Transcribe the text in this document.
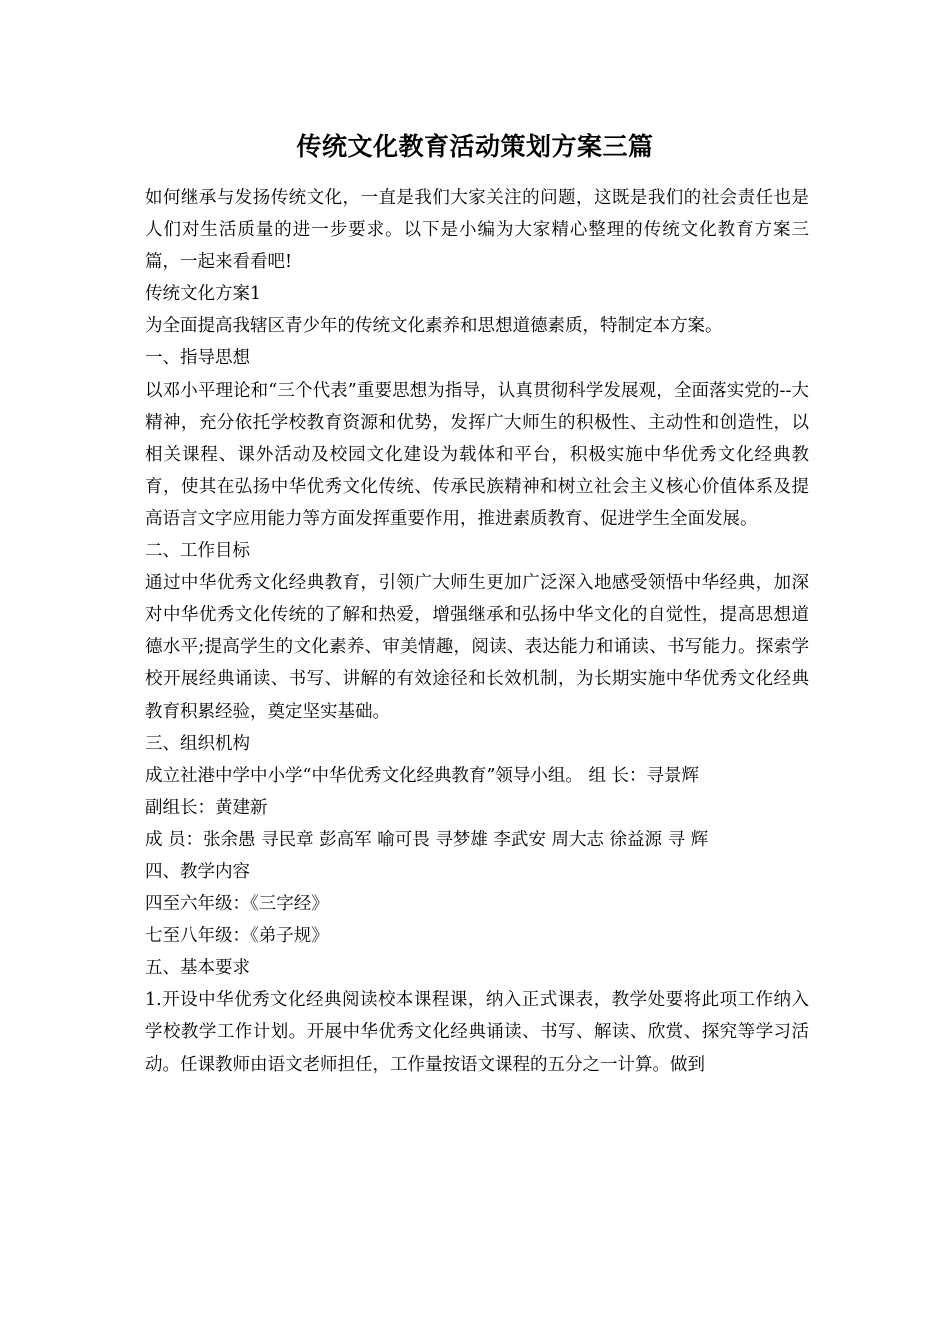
传统文化教育活动策划方案三篇

如何继承与发扬传统文化，一直是我们大家关注的问题，这既是我们的社会责任也是人们对生活质量的进一步要求。以下是小编为大家精心整理的传统文化教育方案三篇，一起来看看吧!

传统文化方案1

为全面提高我辖区青少年的传统文化素养和思想道德素质，特制定本方案。

一、指导思想

以邓小平理论和“三个代表”重要思想为指导，认真贯彻科学发展观，全面落实党的--大精神，充分依托学校教育资源和优势，发挥广大师生的积极性、主动性和创造性，以相关课程、课外活动及校园文化建设为载体和平台，积极实施中华优秀文化经典教育，使其在弘扬中华优秀文化传统、传承民族精神和树立社会主义核心价值体系及提高语言文字应用能力等方面发挥重要作用，推进素质教育、促进学生全面发展。

二、工作目标

通过中华优秀文化经典教育，引领广大师生更加广泛深入地感受领悟中华经典，加深对中华优秀文化传统的了解和热爱，增强继承和弘扬中华文化的自觉性，提高思想道德水平;提高学生的文化素养、审美情趣，阅读、表达能力和诵读、书写能力。探索学校开展经典诵读、书写、讲解的有效途径和长效机制，为长期实施中华优秀文化经典教育积累经验，奠定坚实基础。

三、组织机构

成立社港中学中小学“中华优秀文化经典教育”领导小组。 组 长：寻景辉

副组长：黄建新

成 员：张余愚 寻民章 彭高军 喻可畏 寻梦雄 李武安 周大志 徐益源 寻 辉

四、教学内容

四至六年级：《三字经》

七至八年级：《弟子规》

五、基本要求

1.开设中华优秀文化经典阅读校本课程课，纳入正式课表，教学处要将此项工作纳入学校教学工作计划。开展中华优秀文化经典诵读、书写、解读、欣赏、探究等学习活动。任课教师由语文老师担任，工作量按语文课程的五分之一计算。做到
